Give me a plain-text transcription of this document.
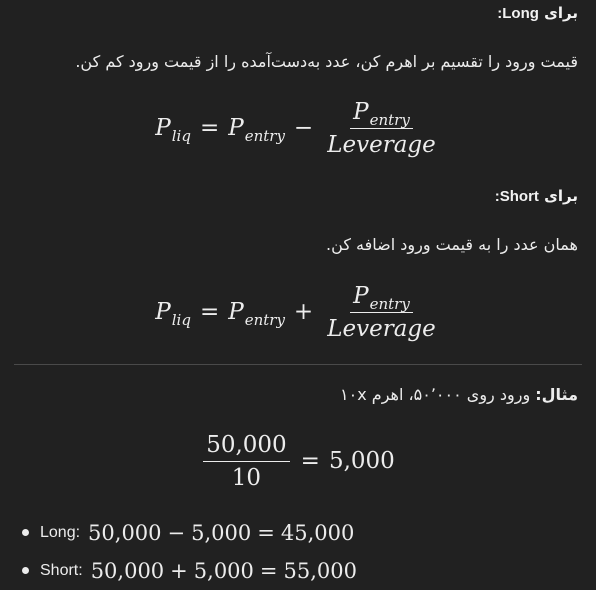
برای Long:
قیمت ورود را تقسیم بر اهرم کن، عدد به‌دست‌آمده را از قیمت ورود کم کن.
$P_{liq} = P_{entry} - \frac{P_{entry}}{\text{Leverage}}$
برای Short:
همان عدد را به قیمت ورود اضافه کن.
$P_{liq} = P_{entry} + \frac{P_{entry}}{\text{Leverage}}$
مثال: ورود روی ۵۰٬۰۰۰، اهرم ۱۰x
$\frac{50,000}{10} = 5,000$
Long: 50,000 − 5,000 = 45,000
Short: 50,000 + 5,000 = 55,000
